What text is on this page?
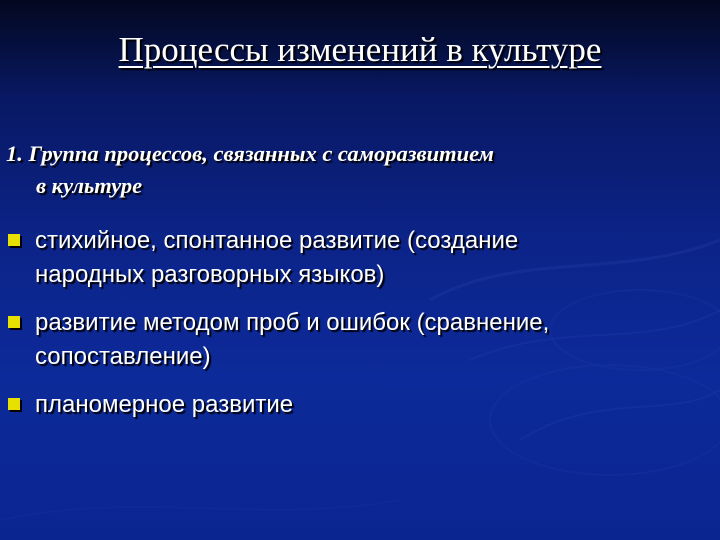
Процессы изменений в культуре
1. Группа процессов, связанных с саморазвитием
в культуре
стихийное, спонтанное развитие (создание
народных разговорных языков)
развитие методом проб и ошибок (сравнение,
сопоставление)
планомерное развитие
